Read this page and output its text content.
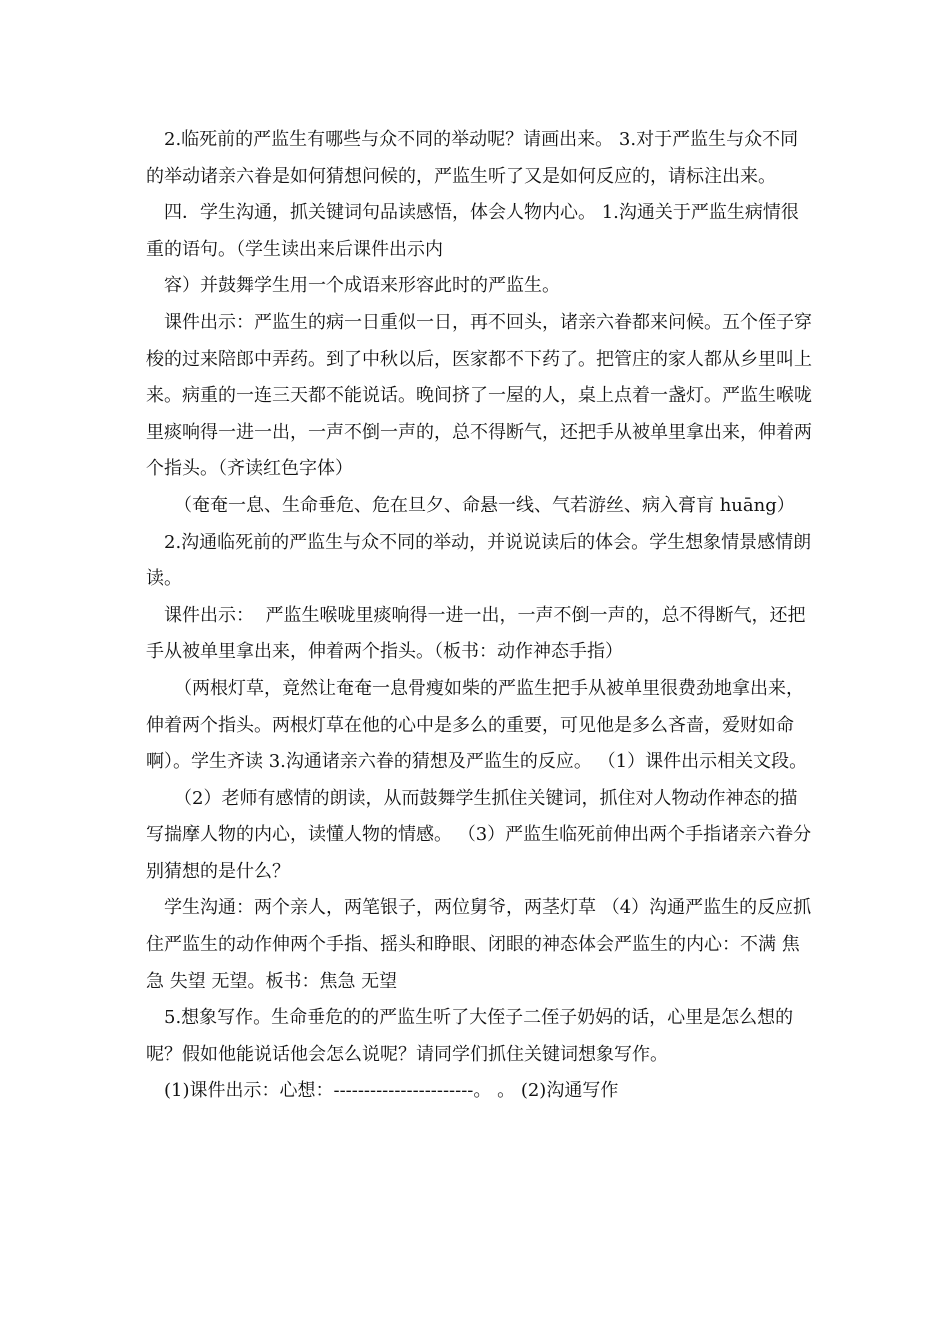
2.临死前的严监生有哪些与众不同的举动呢？请画出来。 3.对于严监生与众不同的举动诸亲六眷是如何猜想问候的，严监生听了又是如何反应的，请标注出来。

四．学生沟通，抓关键词句品读感悟，体会人物内心。 1.沟通关于严监生病情很重的语句。（学生读出来后课件出示内

容）并鼓舞学生用一个成语来形容此时的严监生。

课件出示：严监生的病一日重似一日，再不回头，诸亲六眷都来问候。五个侄子穿梭的过来陪郎中弄药。到了中秋以后，医家都不下药了。把管庄的家人都从乡里叫上来。病重的一连三天都不能说话。晚间挤了一屋的人，桌上点着一盏灯。严监生喉咙里痰响得一进一出，一声不倒一声的，总不得断气，还把手从被单里拿出来，伸着两个指头。（齐读红色字体）

（奄奄一息、生命垂危、危在旦夕、命悬一线、气若游丝、病入膏肓 huāng）

2.沟通临死前的严监生与众不同的举动，并说说读后的体会。学生想象情景感情朗读。

课件出示：  严监生喉咙里痰响得一进一出，一声不倒一声的，总不得断气，还把手从被单里拿出来，伸着两个指头。（板书：动作神态手指）

（两根灯草，竟然让奄奄一息骨瘦如柴的严监生把手从被单里很费劲地拿出来，伸着两个指头。两根灯草在他的心中是多么的重要，可见他是多么吝啬，爱财如命啊）。学生齐读 3.沟通诸亲六眷的猜想及严监生的反应。 （1）课件出示相关文段。

（2）老师有感情的朗读，从而鼓舞学生抓住关键词，抓住对人物动作神态的描写揣摩人物的内心，读懂人物的情感。 （3）严监生临死前伸出两个手指诸亲六眷分别猜想的是什么？

学生沟通：两个亲人，两笔银子，两位舅爷，两茎灯草 （4）沟通严监生的反应抓住严监生的动作伸两个手指、摇头和睁眼、闭眼的神态体会严监生的内心：不满 焦急 失望 无望。板书：焦急 无望

5.想象写作。生命垂危的的严监生听了大侄子二侄子奶妈的话，心里是怎么想的呢？假如他能说话他会怎么说呢？请同学们抓住关键词想象写作。

(1)课件出示：心想：-----------------------。 。 (2)沟通写作
